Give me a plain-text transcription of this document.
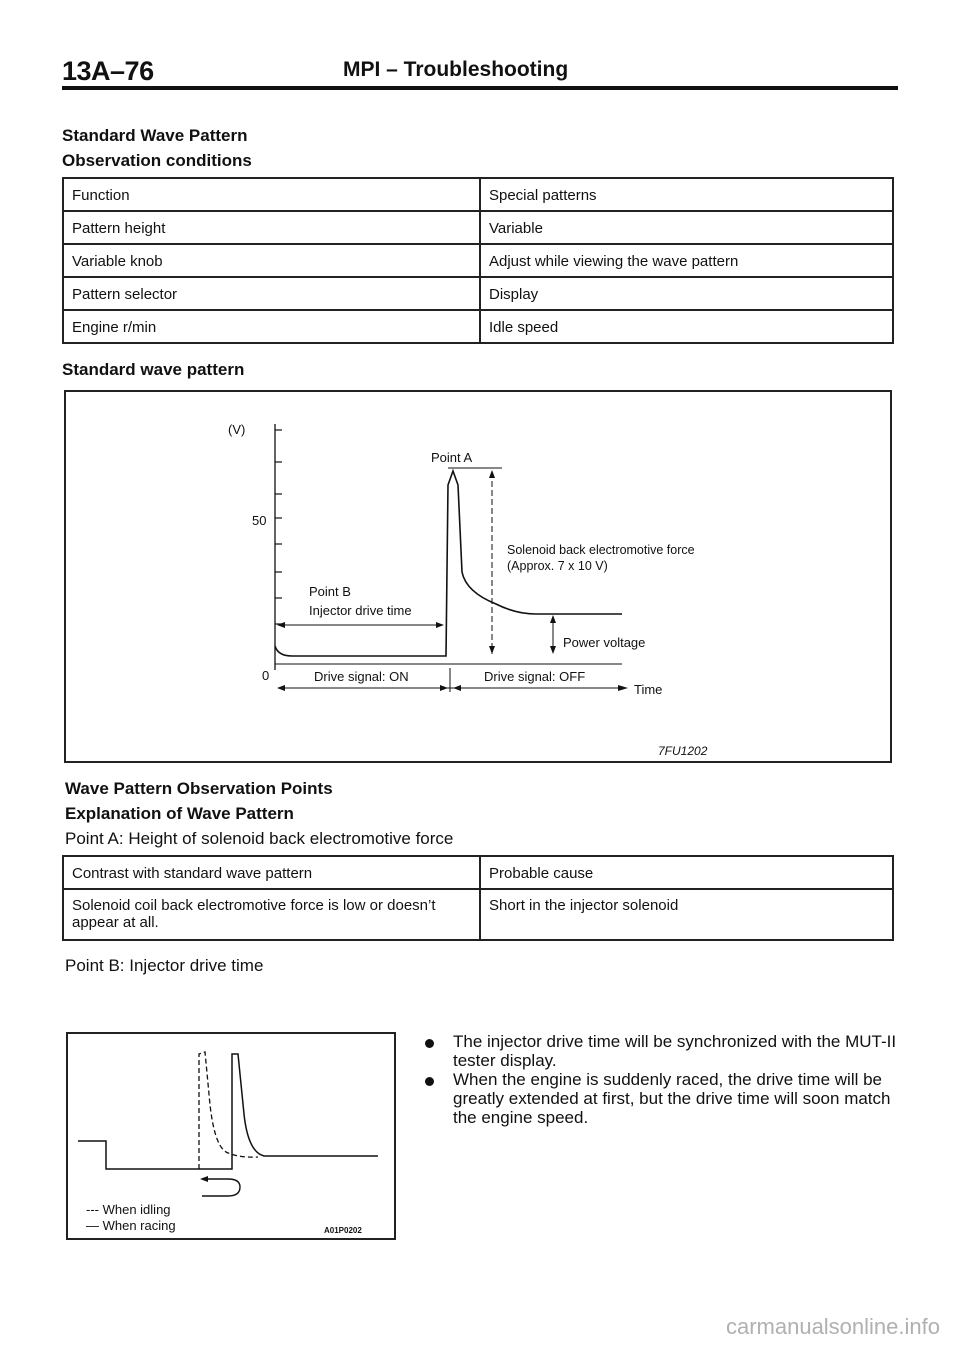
13A–76	MPI – Troubleshooting
Standard Wave Pattern
Observation conditions
Function	Special patterns
Pattern height	Variable
Variable knob	Adjust while viewing the wave pattern
Pattern selector	Display
Engine r/min	Idle speed
Standard wave pattern
(V)
50
0
Point A
Solenoid back electromotive force
(Approx. 7 x 10 V)
Point B
Injector drive time
Power voltage
Drive signal: ON	Drive signal: OFF
Time
7FU1202
Wave Pattern Observation Points
Explanation of Wave Pattern
Point A: Height of solenoid back electromotive force
Contrast with standard wave pattern	Probable cause
Solenoid coil back electromotive force is low or doesn’t appear at all.	Short in the injector solenoid
Point B: Injector drive time
--- When idling
— When racing	A01P0202
The injector drive time will be synchronized with the MUT-II tester display.
When the engine is suddenly raced, the drive time will be greatly extended at first, but the drive time will soon match the engine speed.
carmanualsonline.info
